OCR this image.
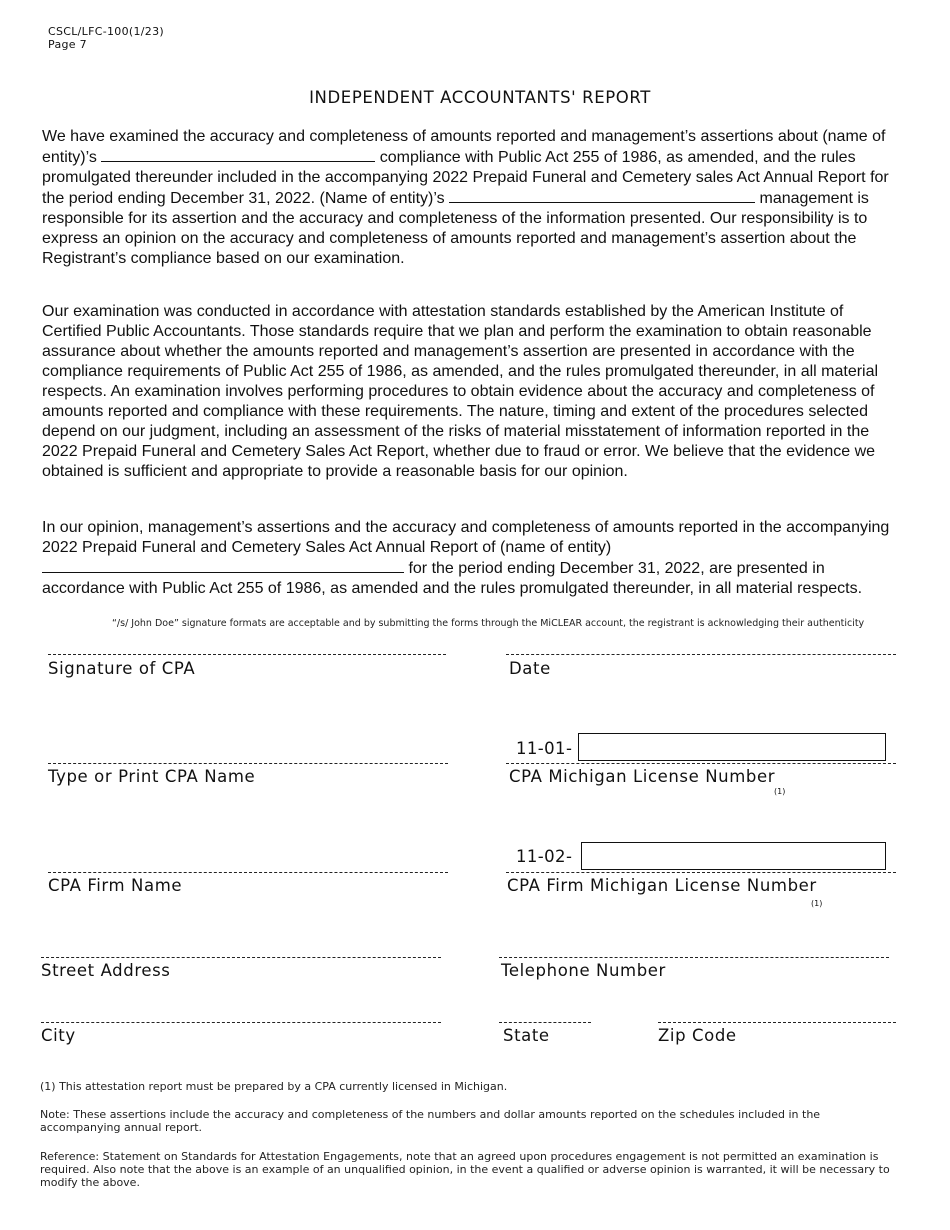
CSCL/LFC-100(1/23)
Page 7
INDEPENDENT ACCOUNTANTS' REPORT

We have examined the accuracy and completeness of amounts reported and management’s assertions about (name of entity)’s	compliance with Public Act 255 of 1986, as amended, and the rules promulgated thereunder included in the accompanying 2022 Prepaid Funeral and Cemetery sales Act Annual Report for the period ending December 31, 2022. (Name of entity)’s	management is responsible for its assertion and the accuracy and completeness of the information presented. Our responsibility is to express an opinion on the accuracy and completeness of amounts reported and management’s assertion about the Registrant’s compliance based on our examination.

Our examination was conducted in accordance with attestation standards established by the American Institute of Certified Public Accountants. Those standards require that we plan and perform the examination to obtain reasonable assurance about whether the amounts reported and management’s assertion are presented in accordance with the compliance requirements of Public Act 255 of 1986, as amended, and the rules promulgated thereunder, in all material respects. An examination involves performing procedures to obtain evidence about the accuracy and completeness of amounts reported and compliance with these requirements. The nature, timing and extent of the procedures selected depend on our judgment, including an assessment of the risks of material misstatement of information reported in the 2022 Prepaid Funeral and Cemetery Sales Act Report, whether due to fraud or error. We believe that the evidence we obtained is sufficient and appropriate to provide a reasonable basis for our opinion.

In our opinion, management’s assertions and the accuracy and completeness of amounts reported in the accompanying 2022 Prepaid Funeral and Cemetery Sales Act Annual Report of (name of entity)  for the period ending December 31, 2022, are presented in accordance with Public Act 255 of 1986, as amended and the rules promulgated thereunder, in all material respects.

“/s/ John Doe” signature formats are acceptable and by submitting the forms through the MiCLEAR account, the registrant is acknowledging their authenticity
Signature of CPA	Date
Type or Print CPA Name
11-01-
CPA Michigan License Number
(1)
CPA Firm Name
11-02-
CPA Firm Michigan License Number
(1)
Street Address	Telephone Number
City	State	Zip Code
(1) This attestation report must be prepared by a CPA currently licensed in Michigan.
Note: These assertions include the accuracy and completeness of the numbers and dollar amounts reported on the schedules included in the accompanying annual report.
Reference: Statement on Standards for Attestation Engagements, note that an agreed upon procedures engagement is not permitted an examination is required. Also note that the above is an example of an unqualified opinion, in the event a qualified or adverse opinion is warranted, it will be necessary to modify the above.
